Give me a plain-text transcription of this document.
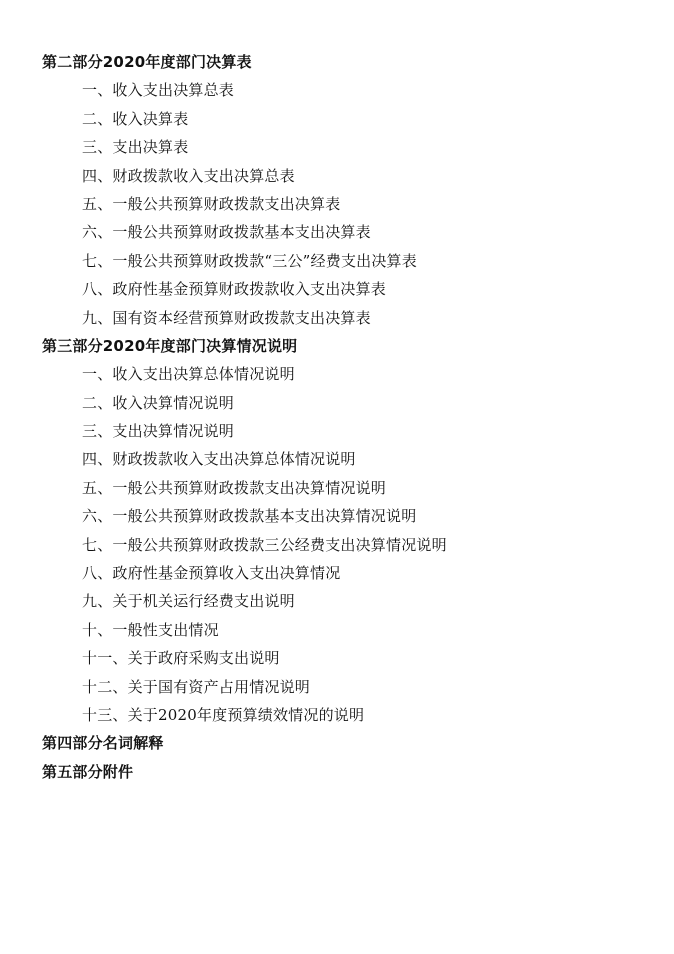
第二部分2020年度部门决算表
一、收入支出决算总表
二、收入决算表
三、支出决算表
四、财政拨款收入支出决算总表
五、一般公共预算财政拨款支出决算表
六、一般公共预算财政拨款基本支出决算表
七、一般公共预算财政拨款“三公”经费支出决算表
八、政府性基金预算财政拨款收入支出决算表
九、国有资本经营预算财政拨款支出决算表
第三部分2020年度部门决算情况说明
一、收入支出决算总体情况说明
二、收入决算情况说明
三、支出决算情况说明
四、财政拨款收入支出决算总体情况说明
五、一般公共预算财政拨款支出决算情况说明
六、一般公共预算财政拨款基本支出决算情况说明
七、一般公共预算财政拨款三公经费支出决算情况说明
八、政府性基金预算收入支出决算情况
九、关于机关运行经费支出说明
十、一般性支出情况
十一、关于政府采购支出说明
十二、关于国有资产占用情况说明
十三、关于2020年度预算绩效情况的说明
第四部分名词解释
第五部分附件
